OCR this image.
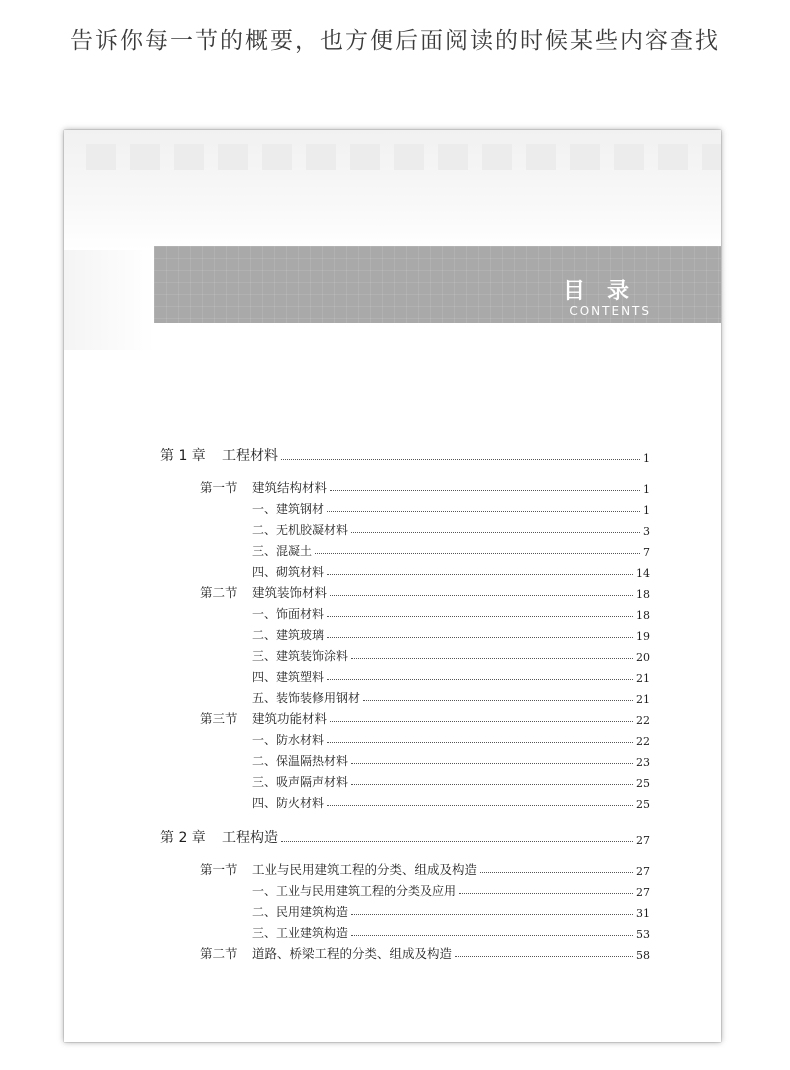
告诉你每一节的概要，也方便后面阅读的时候某些内容查找
目录
CONTENTS
第 1 章	工程材料	1
第一节	建筑结构材料	1
一、建筑钢材	1
二、无机胶凝材料	3
三、混凝土	7
四、砌筑材料	14
第二节	建筑装饰材料	18
一、饰面材料	18
二、建筑玻璃	19
三、建筑装饰涂料	20
四、建筑塑料	21
五、装饰装修用钢材	21
第三节	建筑功能材料	22
一、防水材料	22
二、保温隔热材料	23
三、吸声隔声材料	25
四、防火材料	25
第 2 章	工程构造	27
第一节	工业与民用建筑工程的分类、组成及构造	27
一、工业与民用建筑工程的分类及应用	27
二、民用建筑构造	31
三、工业建筑构造	53
第二节	道路、桥梁工程的分类、组成及构造	58
